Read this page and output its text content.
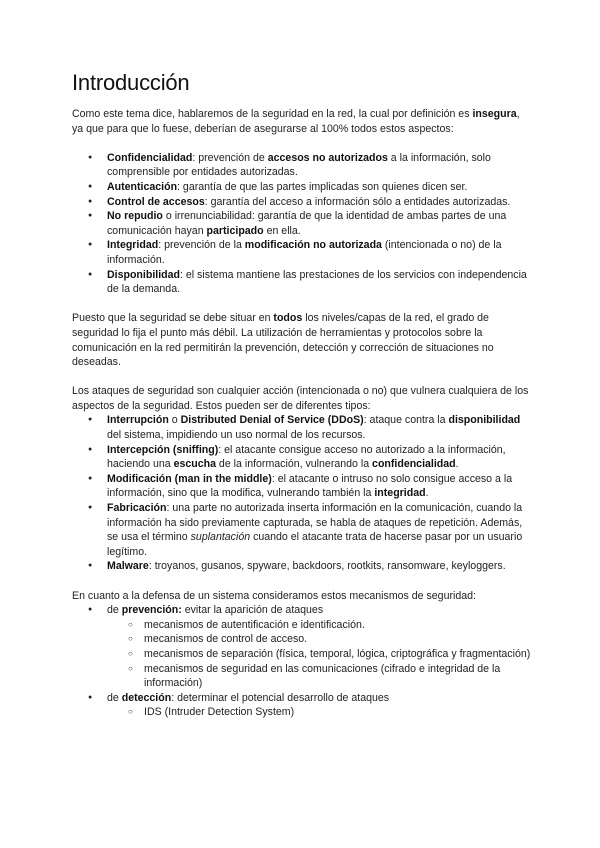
Introducción

Como este tema dice, hablaremos de la seguridad en la red, la cual por definición es insegura, ya que para que lo fuese, deberían de asegurarse al 100% todos estos aspectos:

● Confidencialidad: prevención de accesos no autorizados a la información, solo comprensible por entidades autorizadas.
● Autenticación: garantía de que las partes implicadas son quienes dicen ser.
● Control de accesos: garantía del acceso a información sólo a entidades autorizadas.
● No repudio o irrenunciabilidad: garantía de que la identidad de ambas partes de una comunicación hayan participado en ella.
● Integridad: prevención de la modificación no autorizada (intencionada o no) de la información.
● Disponibilidad: el sistema mantiene las prestaciones de los servicios con independencia de la demanda.

Puesto que la seguridad se debe situar en todos los niveles/capas de la red, el grado de seguridad lo fija el punto más débil. La utilización de herramientas y protocolos sobre la comunicación en la red permitirán la prevención, detección y corrección de situaciones no deseadas.

Los ataques de seguridad son cualquier acción (intencionada o no) que vulnera cualquiera de los aspectos de la seguridad. Estos pueden ser de diferentes tipos:

● Interrupción o Distributed Denial of Service (DDoS): ataque contra la disponibilidad del sistema, impidiendo un uso normal de los recursos.
● Intercepción (sniffing): el atacante consigue acceso no autorizado a la información, haciendo una escucha de la información, vulnerando la confidencialidad.
● Modificación (man in the middle): el atacante o intruso no solo consigue acceso a la información, sino que la modifica, vulnerando también la integridad.
● Fabricación: una parte no autorizada inserta información en la comunicación, cuando la información ha sido previamente capturada, se habla de ataques de repetición. Además, se usa el término suplantación cuando el atacante trata de hacerse pasar por un usuario legítimo.
● Malware: troyanos, gusanos, spyware, backdoors, rootkits, ransomware, keyloggers.

En cuanto a la defensa de un sistema consideramos estos mecanismos de seguridad:

● de prevención: evitar la aparición de ataques
○ mecanismos de autentificación e identificación.
○ mecanismos de control de acceso.
○ mecanismos de separación (física, temporal, lógica, criptográfica y fragmentación)
○ mecanismos de seguridad en las comunicaciones (cifrado e integridad de la información)
● de detección: determinar el potencial desarrollo de ataques
○ IDS (Intruder Detection System)
